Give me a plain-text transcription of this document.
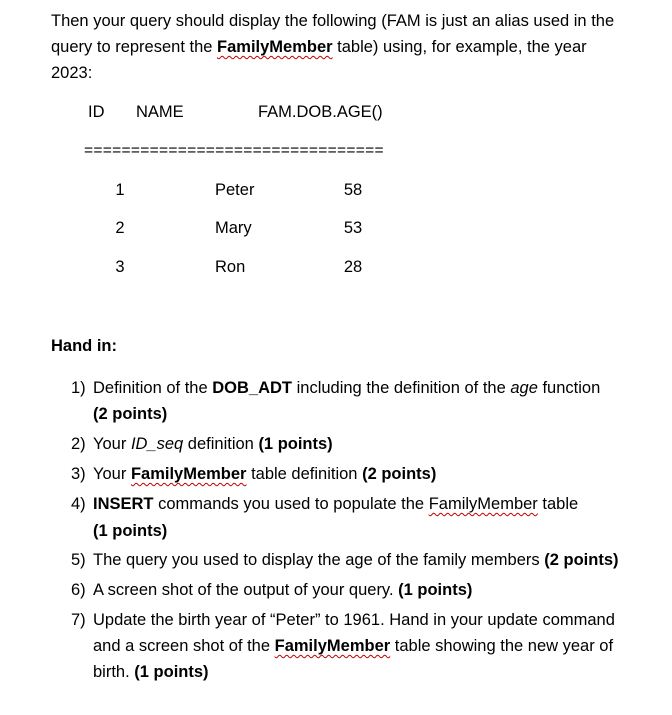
Then your query should display the following (FAM is just an alias used in the
query to represent the FamilyMember table) using, for example, the year
2023:
ID NAME	FAM.DOB.AGE()
================================
1	Peter	58
2	Mary	53
3	Ron	28
Hand in:
1) Definition of the DOB_ADT including the definition of the age function
(2 points)
2) Your ID_seq definition (1 points)
3) Your FamilyMember table definition (2 points)
4) INSERT commands you used to populate the FamilyMember table
(1 points)
5) The query you used to display the age of the family members (2 points)
6) A screen shot of the output of your query. (1 points)
7) Update the birth year of “Peter” to 1961. Hand in your update command
and a screen shot of the FamilyMember table showing the new year of
birth. (1 points)
